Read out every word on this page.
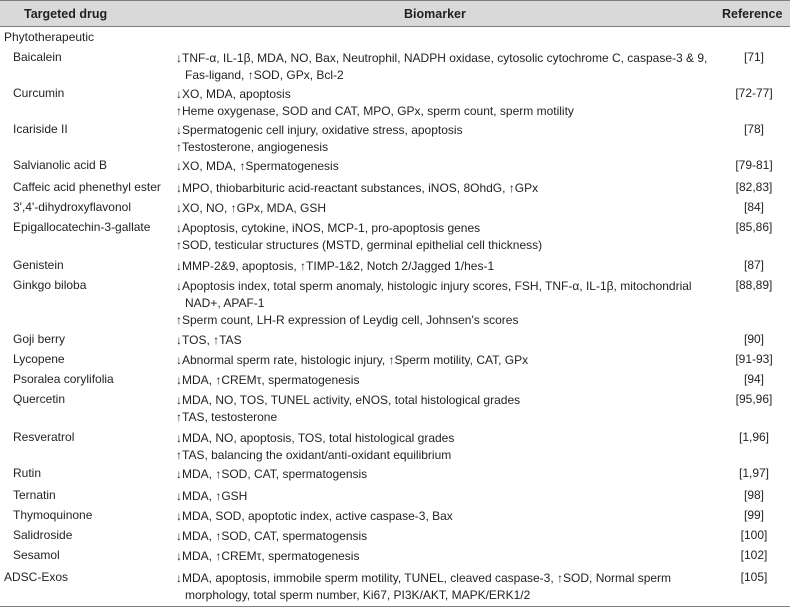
Targeted drug	Biomarker	Reference
Phytotherapeutic
Baicalein	↓TNF-α, IL-1β, MDA, NO, Bax, Neutrophil, NADPH oxidase, cytosolic cytochrome C, caspase-3 & 9,
Fas-ligand, ↑SOD, GPx, Bcl-2
[71]
Curcumin	↓XO, MDA, apoptosis
↑Heme oxygenase, SOD and CAT, MPO, GPx, sperm count, sperm motility
[72-77]
Icariside II	↓Spermatogenic cell injury, oxidative stress, apoptosis
↑Testosterone, angiogenesis
[78]
Salvianolic acid B	↓XO, MDA, ↑Spermatogenesis	[79-81]
Caffeic acid phenethyl ester ↓MPO, thiobarbituric acid-reactant substances, iNOS, 8OhdG, ↑GPx	[82,83]
3',4'-dihydroxyflavonol	↓XO, NO, ↑GPx, MDA, GSH	[84]
Epigallocatechin-3-gallate ↓Apoptosis, cytokine, iNOS, MCP-1, pro-apoptosis genes
↑SOD, testicular structures (MSTD, germinal epithelial cell thickness)
[85,86]
Genistein	↓MMP-2&9, apoptosis, ↑TIMP-1&2, Notch 2/Jagged 1/hes-1	[87]
Ginkgo biloba	↓Apoptosis index, total sperm anomaly, histologic injury scores, FSH, TNF-α, IL-1β, mitochondrial
NAD+, APAF-1
↑Sperm count, LH-R expression of Leydig cell, Johnsen's scores
[88,89]
Goji berry	↓TOS, ↑TAS	[90]
Lycopene	↓Abnormal sperm rate, histologic injury, ↑Sperm motility, CAT, GPx	[91-93]
Psoralea corylifolia	↓MDA, ↑CREMτ, spermatogenesis	[94]
Quercetin	↓MDA, NO, TOS, TUNEL activity, eNOS, total histological grades
↑TAS, testosterone
[95,96]
Resveratrol	↓MDA, NO, apoptosis, TOS, total histological grades
↑TAS, balancing the oxidant/anti-oxidant equilibrium
[1,96]
Rutin	↓MDA, ↑SOD, CAT, spermatogensis	[1,97]
Ternatin	↓MDA, ↑GSH	[98]
Thymoquinone	↓MDA, SOD, apoptotic index, active caspase-3, Bax	[99]
Salidroside	↓MDA, ↑SOD, CAT, spermatogensis	[100]
Sesamol	↓MDA, ↑CREMτ, spermatogenesis	[102]
ADSC-Exos	↓MDA, apoptosis, immobile sperm motility, TUNEL, cleaved caspase-3, ↑SOD, Normal sperm
morphology, total sperm number, Ki67, PI3K/AKT, MAPK/ERK1/2
[105]
